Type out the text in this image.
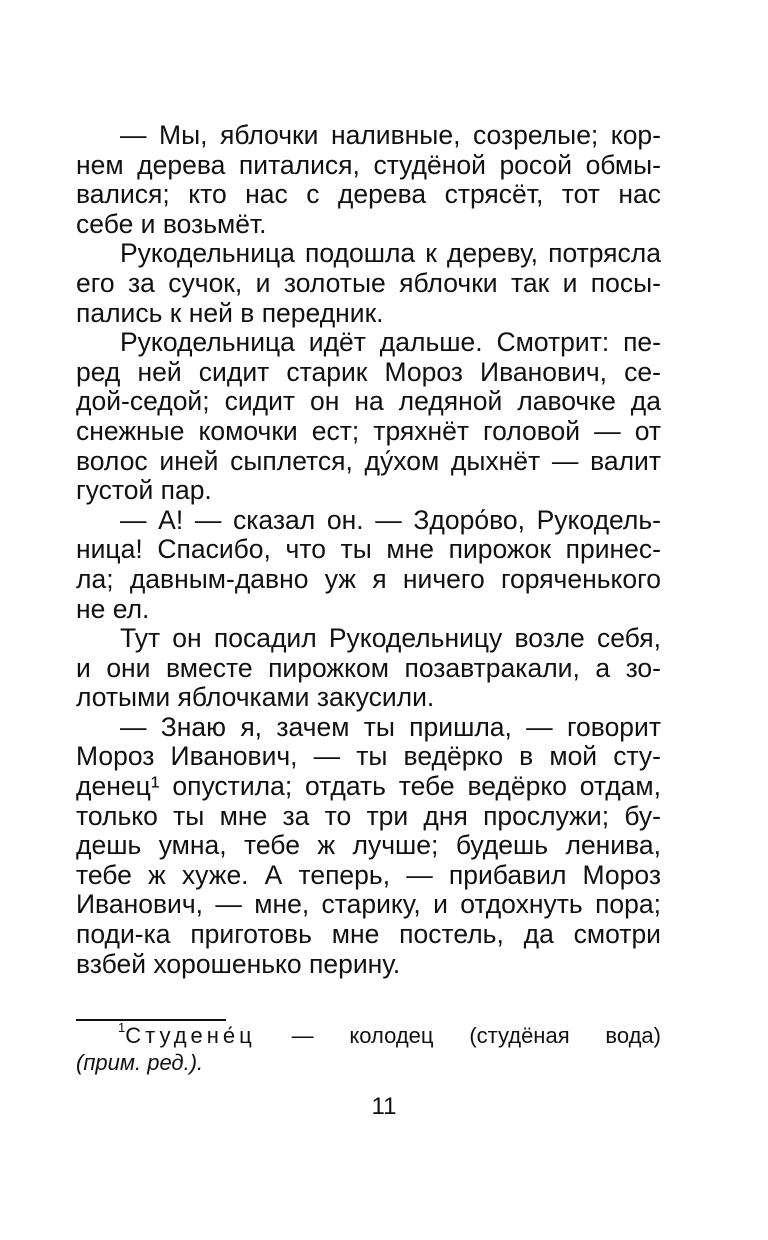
— Мы, яблочки наливные, созрелые; кор-
нем дерева питалися, студёной росой обмы-
валися; кто нас с дерева стрясёт, тот нас
себе и возьмёт.
Рукодельница подошла к дереву, потрясла
его за сучок, и золотые яблочки так и посы-
пались к ней в передник.
Рукодельница идёт дальше. Смотрит: пе-
ред ней сидит старик Мороз Иванович, се-
дой-седой; сидит он на ледяной лавочке да
снежные комочки ест; тряхнёт головой — от
волос иней сыплется, ду́хом дыхнёт — валит
густой пар.
— А! — сказал он. — Здоро́во, Рукодель-
ница! Спасибо, что ты мне пирожок принес-
ла; давным-давно уж я ничего горяченького
не ел.
Тут он посадил Рукодельницу возле себя,
и они вместе пирожком позавтракали, а зо-
лотыми яблочками закусили.
— Знаю я, зачем ты пришла, — говорит
Мороз Иванович, — ты ведёрко в мой сту-
денец¹ опустила; отдать тебе ведёрко отдам,
только ты мне за то три дня прослужи; бу-
дешь умна, тебе ж лучше; будешь ленива,
тебе ж хуже. А теперь, — прибавил Мороз
Иванович, — мне, старику, и отдохнуть пора;
поди-ка приготовь мне постель, да смотри
взбей хорошенько перину.
$^1$Студене́ц — колодец (студёная вода)
(прим. ред.).
11
